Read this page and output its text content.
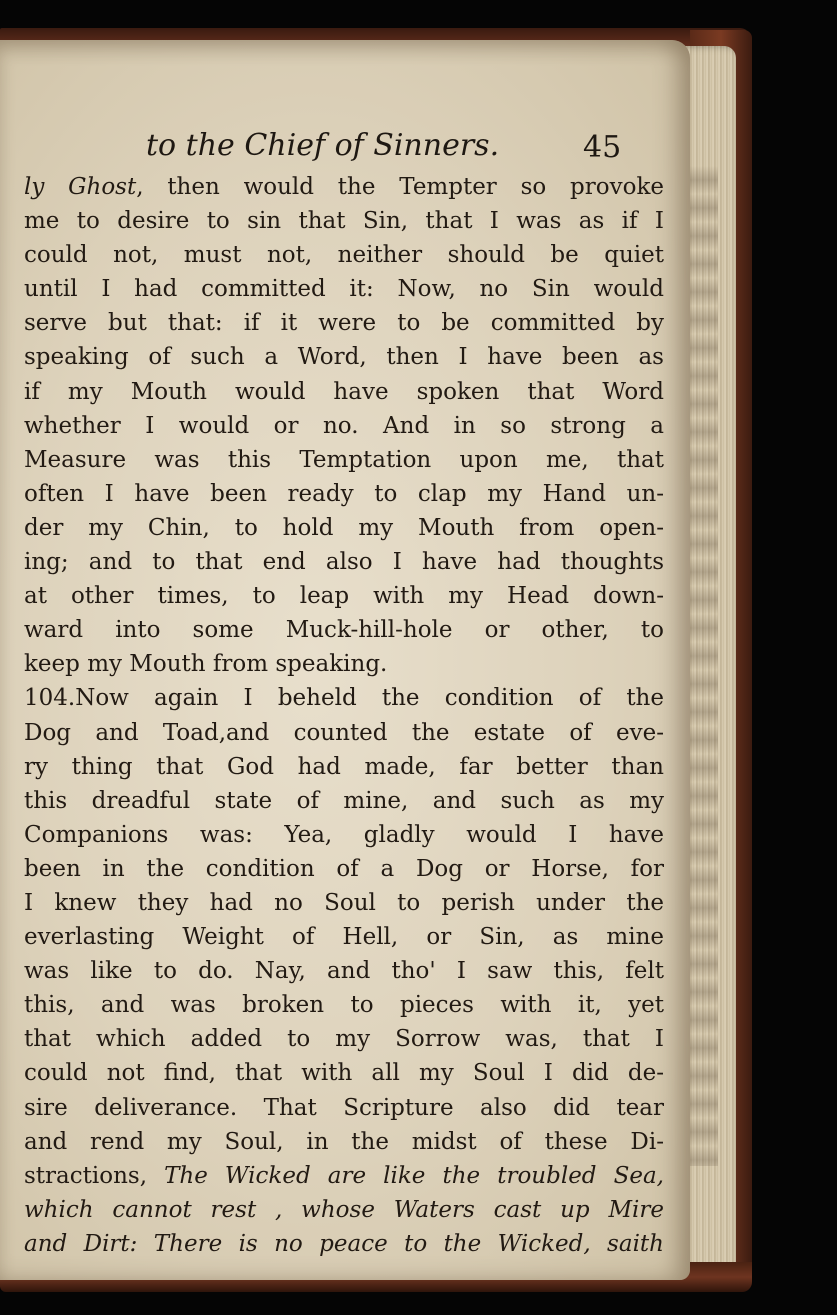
to the Chief of Sinners.	45
ly Ghost, then would the Tempter so provoke
me to desire to sin that Sin, that I was as if I
could not, must not, neither should be quiet
until I had committed it: Now, no Sin would
serve but that: if it were to be committed by
speaking of such a Word, then I have been as
if my Mouth would have spoken that Word
whether I would or no. And in so strong a
Measure was this Temptation upon me, that
often I have been ready to clap my Hand un-
der my Chin, to hold my Mouth from open-
ing; and to that end also I have had thoughts
at other times, to leap with my Head down-
ward into some Muck-hill-hole or other, to
keep my Mouth from speaking.
104.Now again I beheld the condition of the
Dog and Toad,and counted the estate of eve-
ry thing that God had made, far better than
this dreadful state of mine, and such as my
Companions was: Yea, gladly would I have
been in the condition of a Dog or Horse, for
I knew they had no Soul to perish under the
everlasting Weight of Hell, or Sin, as mine
was like to do. Nay, and tho' I saw this, felt
this, and was broken to pieces with it, yet
that which added to my Sorrow was, that I
could not find, that with all my Soul I did de-
sire deliverance. That Scripture also did tear
and rend my Soul, in the midst of these Di-
stractions, The Wicked are like the troubled Sea,
which cannot rest , whose Waters cast up Mire
and Dirt: There is no peace to the Wicked, saith
